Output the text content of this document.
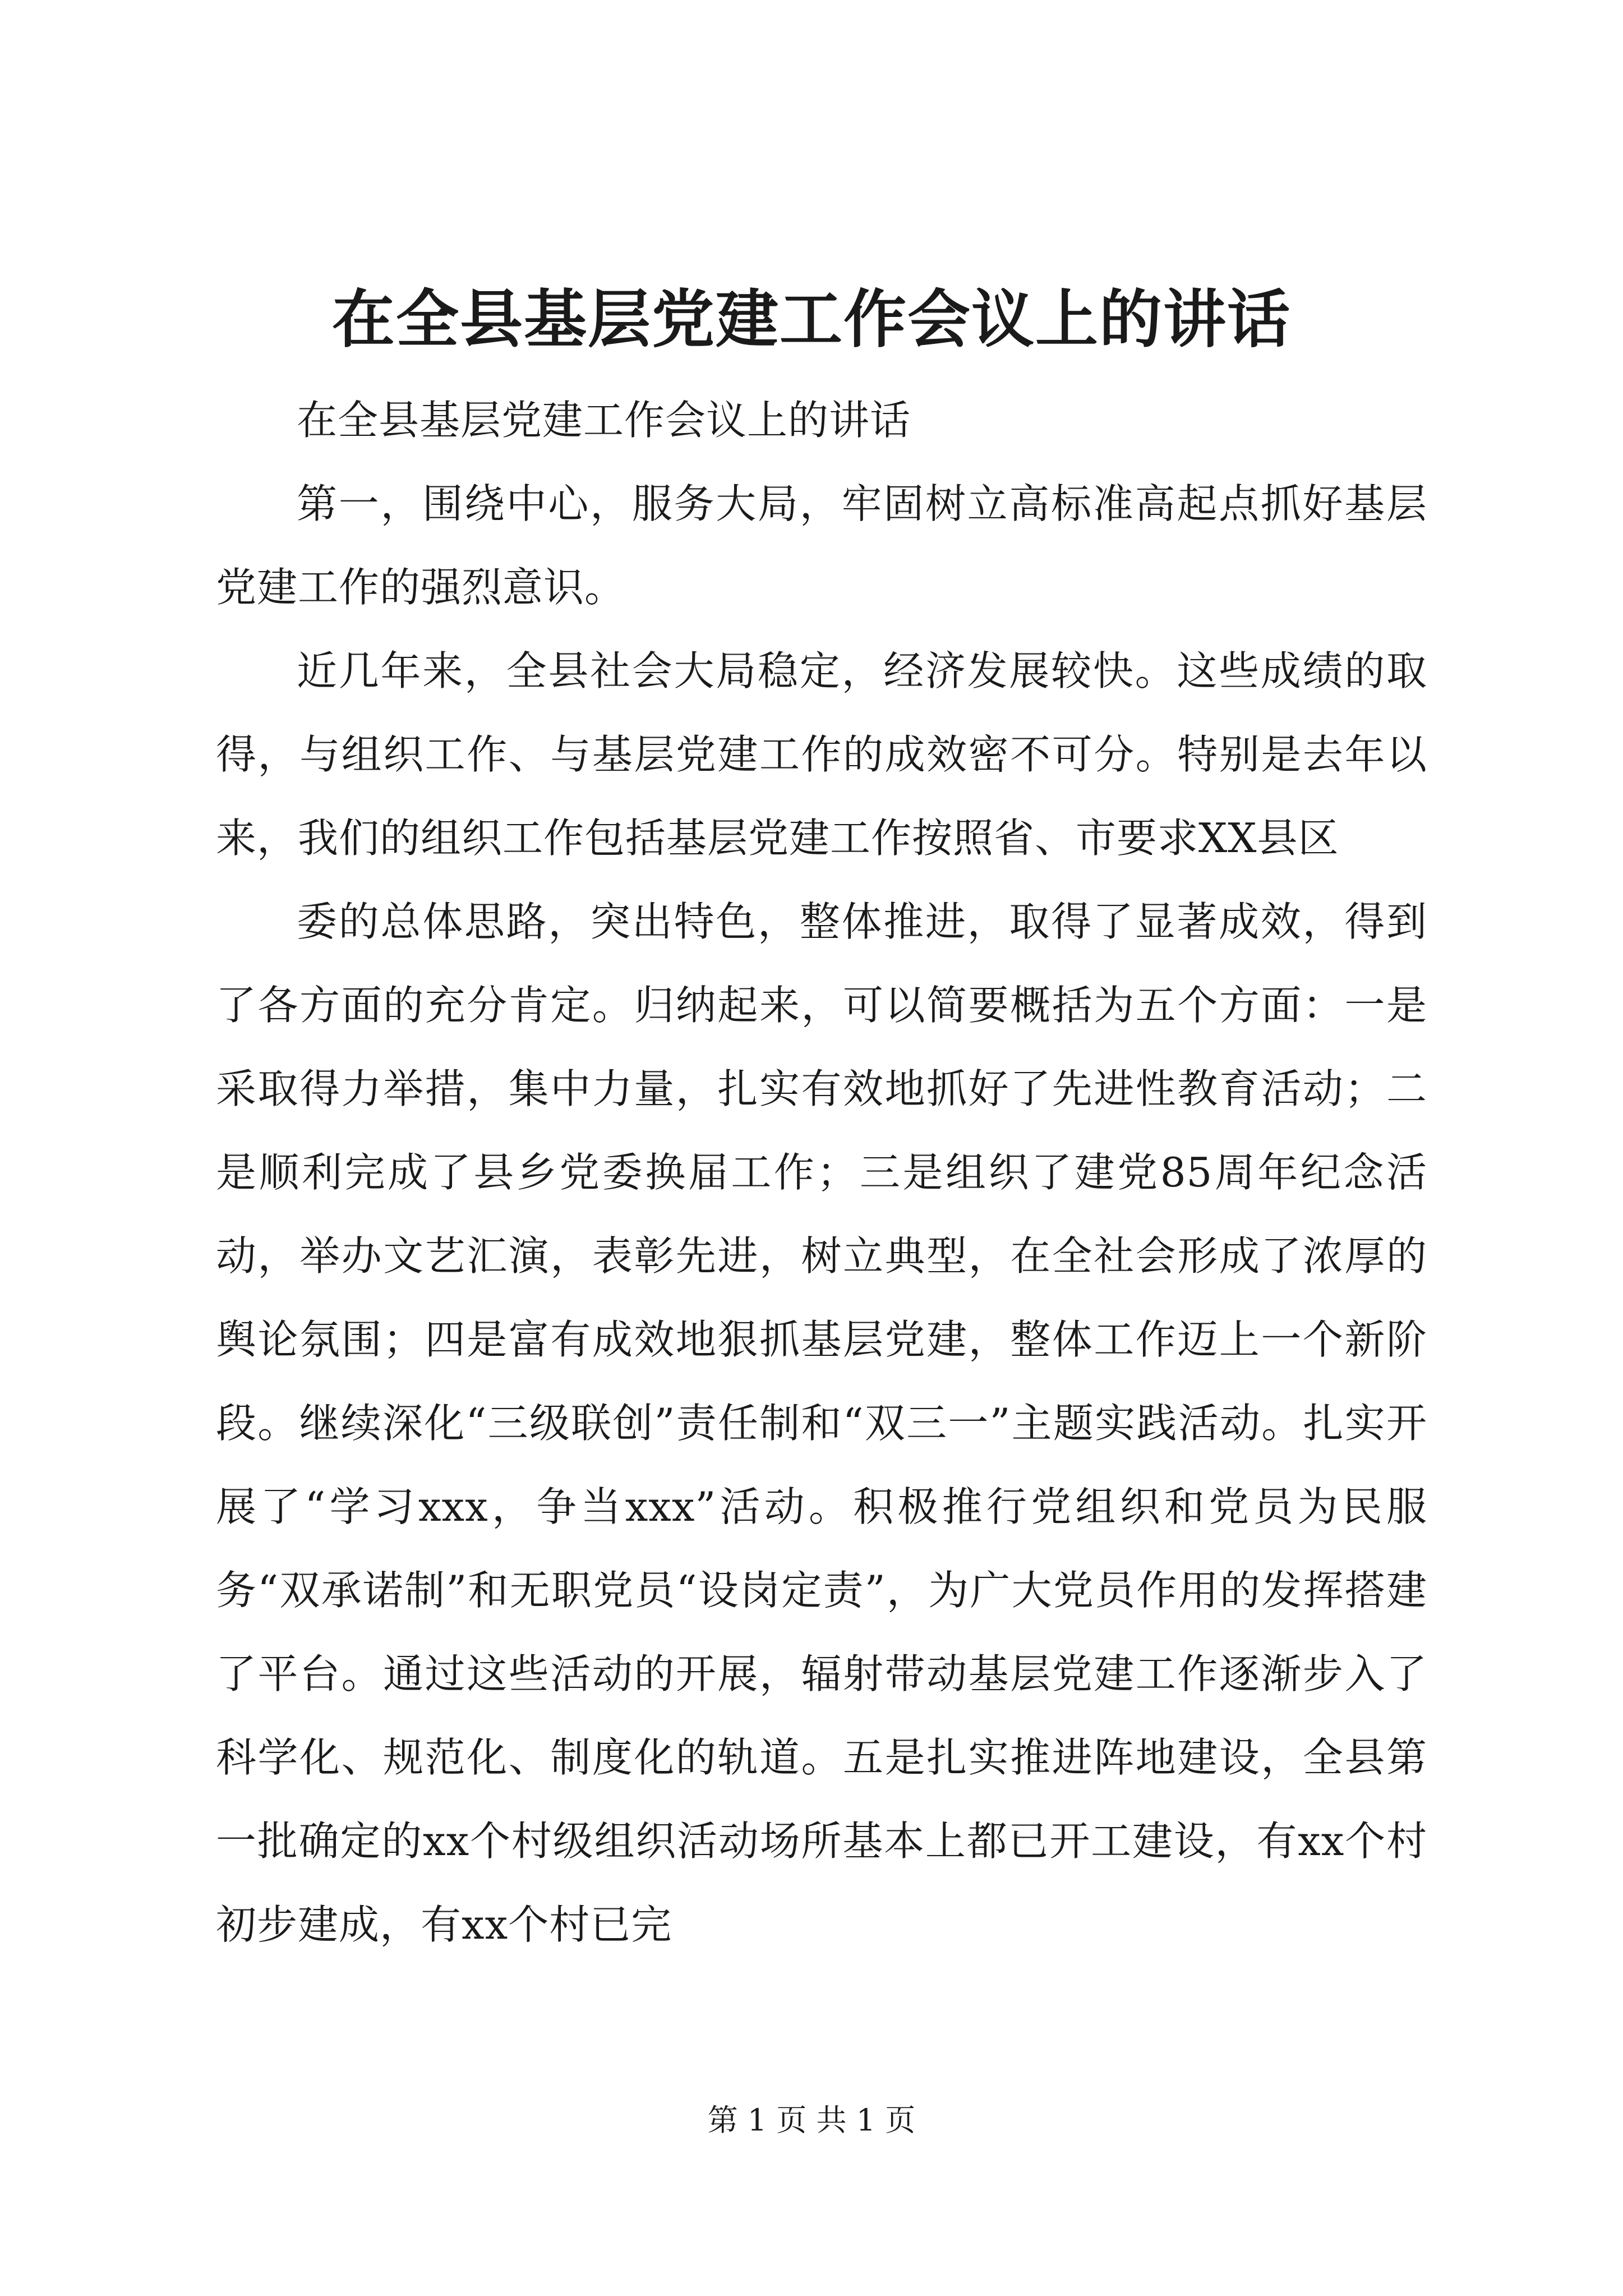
在全县基层党建工作会议上的讲话

在全县基层党建工作会议上的讲话

第一，围绕中心，服务大局，牢固树立高标准高起点抓好基层党建工作的强烈意识。

近几年来，全县社会大局稳定，经济发展较快。这些成绩的取得，与组织工作、与基层党建工作的成效密不可分。特别是去年以来，我们的组织工作包括基层党建工作按照省、市要求XX县区

委的总体思路，突出特色，整体推进，取得了显著成效，得到了各方面的充分肯定。归纳起来，可以简要概括为五个方面：一是采取得力举措，集中力量，扎实有效地抓好了先进性教育活动；二是顺利完成了县乡党委换届工作；三是组织了建党85周年纪念活动，举办文艺汇演，表彰先进，树立典型，在全社会形成了浓厚的舆论氛围；四是富有成效地狠抓基层党建，整体工作迈上一个新阶段。继续深化“三级联创”责任制和“双三一”主题实践活动。扎实开展了“学习xxx，争当xxx”活动。积极推行党组织和党员为民服务“双承诺制”和无职党员“设岗定责”，为广大党员作用的发挥搭建了平台。通过这些活动的开展，辐射带动基层党建工作逐渐步入了科学化、规范化、制度化的轨道。五是扎实推进阵地建设，全县第一批确定的xx个村级组织活动场所基本上都已开工建设，有xx个村初步建成，有xx个村已完

第 1 页 共 1 页
